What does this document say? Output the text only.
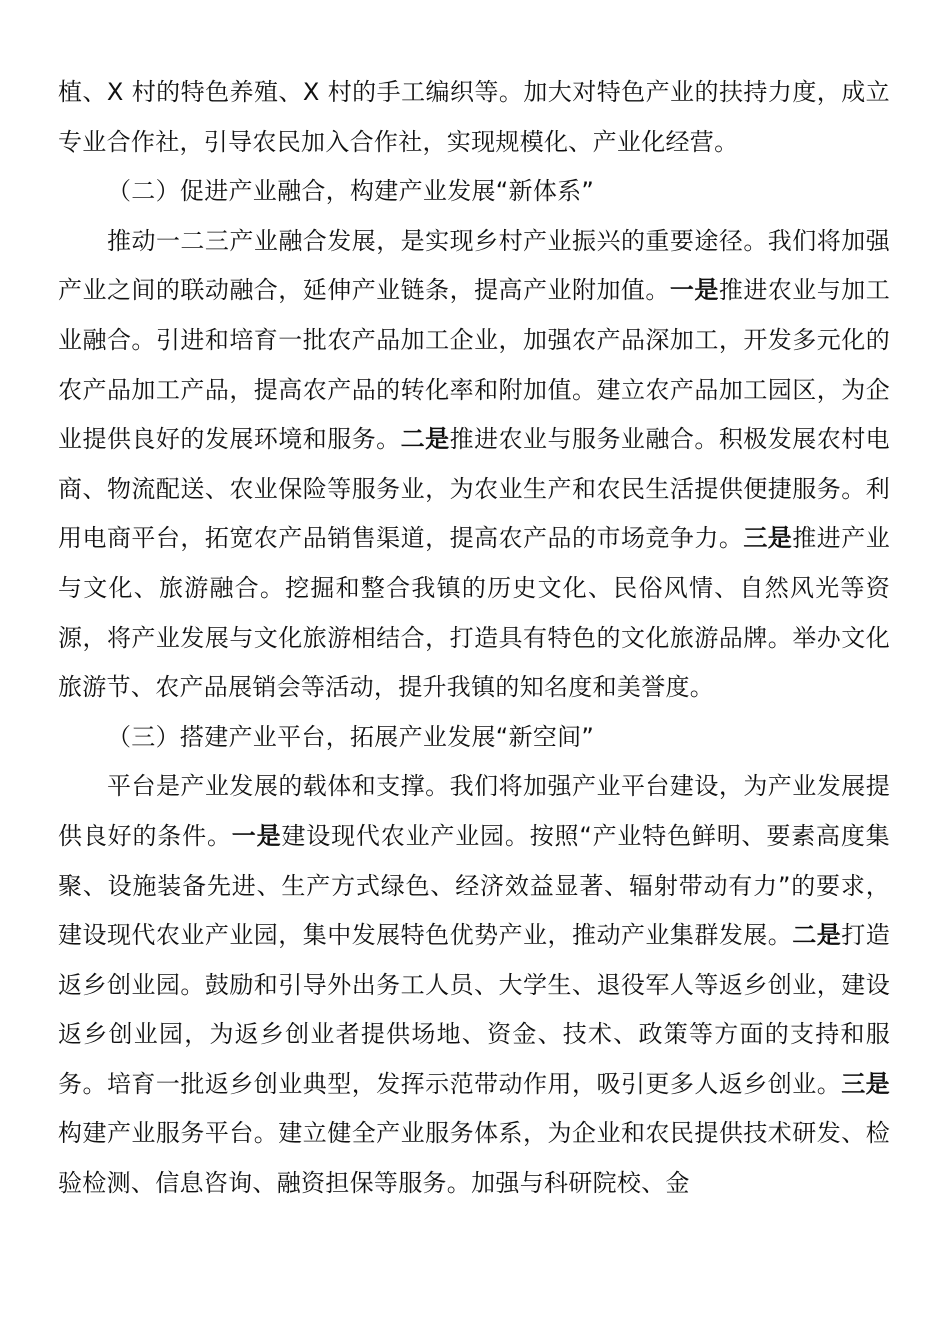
植、X 村的特色养殖、X 村的手工编织等。加大对特色产业的扶持力度，成立专业合作社，引导农民加入合作社，实现规模化、产业化经营。

（二）促进产业融合，构建产业发展“新体系”

推动一二三产业融合发展，是实现乡村产业振兴的重要途径。我们将加强产业之间的联动融合，延伸产业链条，提高产业附加值。一是推进农业与加工业融合。引进和培育一批农产品加工企业，加强农产品深加工，开发多元化的农产品加工产品，提高农产品的转化率和附加值。建立农产品加工园区，为企业提供良好的发展环境和服务。二是推进农业与服务业融合。积极发展农村电商、物流配送、农业保险等服务业，为农业生产和农民生活提供便捷服务。利用电商平台，拓宽农产品销售渠道，提高农产品的市场竞争力。三是推进产业与文化、旅游融合。挖掘和整合我镇的历史文化、民俗风情、自然风光等资源，将产业发展与文化旅游相结合，打造具有特色的文化旅游品牌。举办文化旅游节、农产品展销会等活动，提升我镇的知名度和美誉度。

（三）搭建产业平台，拓展产业发展“新空间”

平台是产业发展的载体和支撑。我们将加强产业平台建设，为产业发展提供良好的条件。一是建设现代农业产业园。按照“产业特色鲜明、要素高度集聚、设施装备先进、生产方式绿色、经济效益显著、辐射带动有力”的要求，建设现代农业产业园，集中发展特色优势产业，推动产业集群发展。二是打造返乡创业园。鼓励和引导外出务工人员、大学生、退役军人等返乡创业，建设返乡创业园，为返乡创业者提供场地、资金、技术、政策等方面的支持和服务。培育一批返乡创业典型，发挥示范带动作用，吸引更多人返乡创业。三是构建产业服务平台。建立健全产业服务体系，为企业和农民提供技术研发、检验检测、信息咨询、融资担保等服务。加强与科研院校、金
